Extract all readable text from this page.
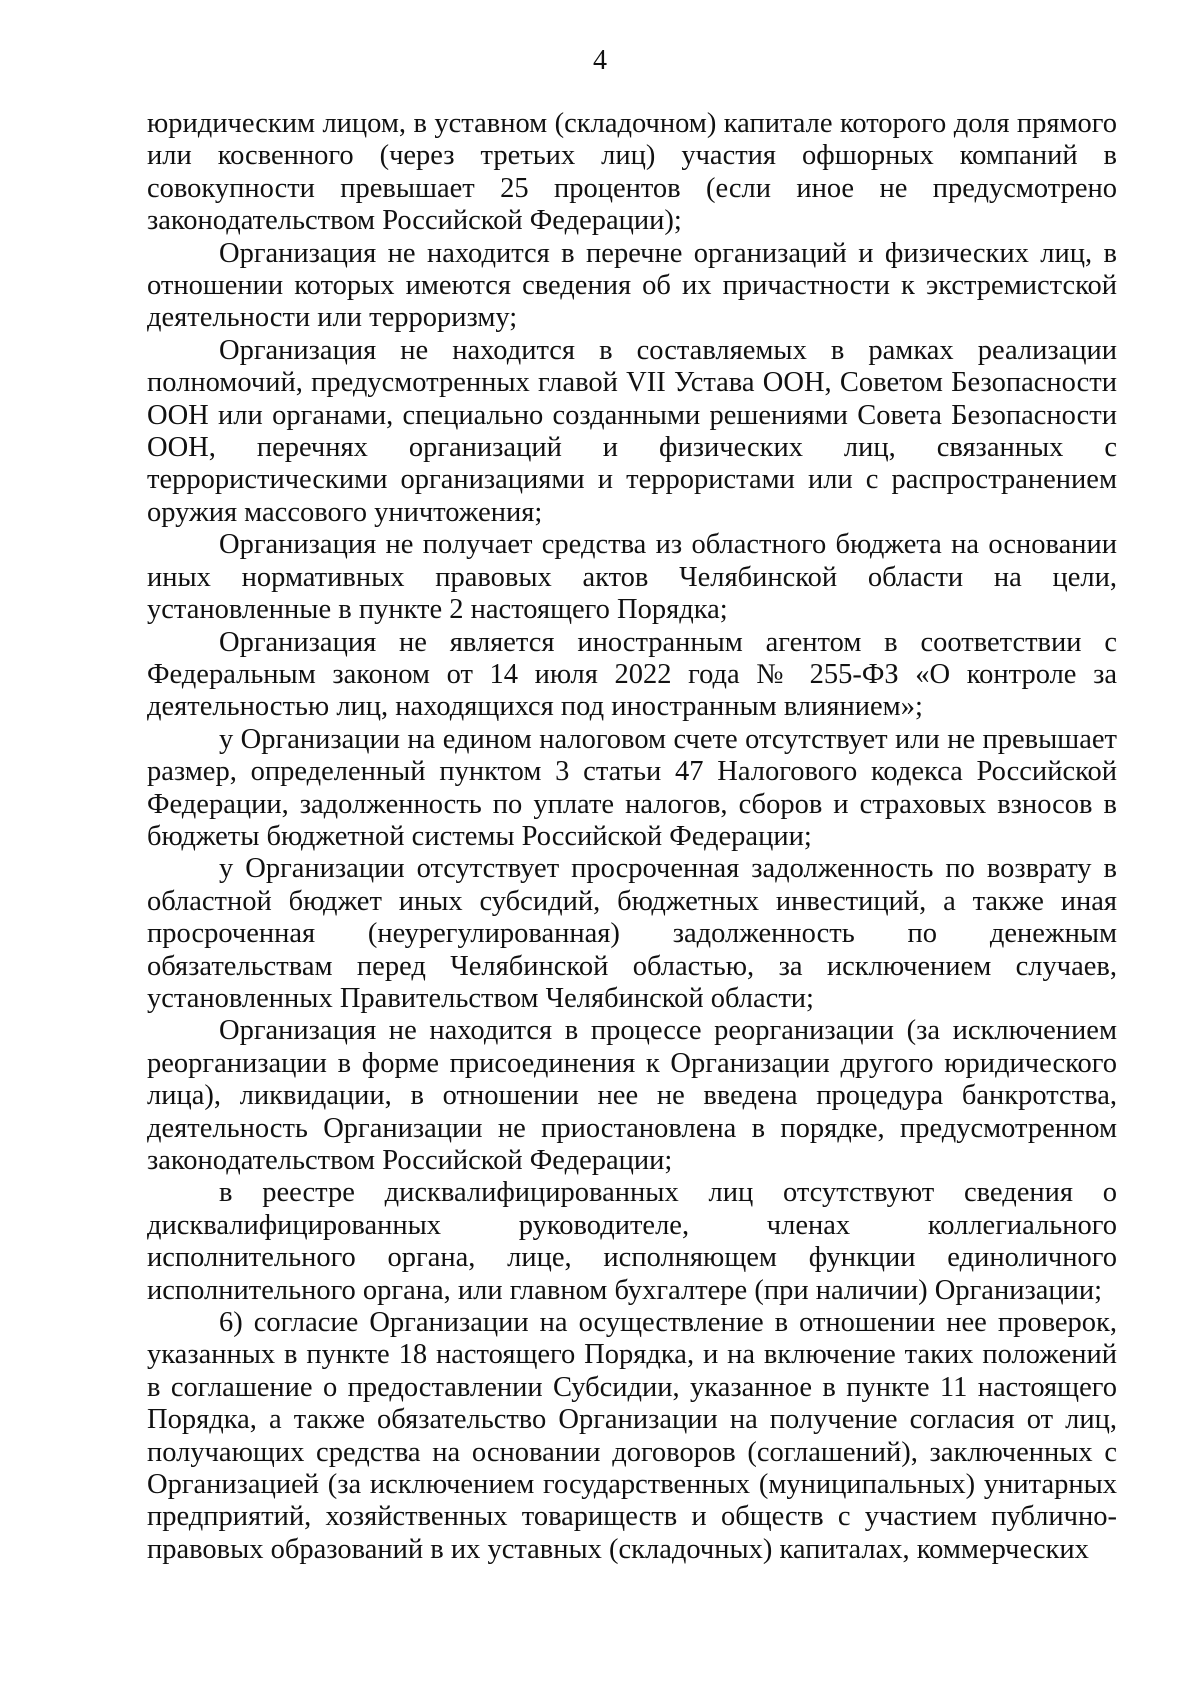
4

юридическим лицом, в уставном (складочном) капитале которого доля прямого или косвенного (через третьих лиц) участия офшорных компаний в совокупности превышает 25 процентов (если иное не предусмотрено законодательством Российской Федерации);

Организация не находится в перечне организаций и физических лиц, в отношении которых имеются сведения об их причастности к экстремистской деятельности или терроризму;

Организация не находится в составляемых в рамках реализации полномочий, предусмотренных главой VII Устава ООН, Советом Безопасности ООН или органами, специально созданными решениями Совета Безопасности ООН, перечнях организаций и физических лиц, связанных с террористическими организациями и террористами или с распространением оружия массового уничтожения;

Организация не получает средства из областного бюджета на основании иных нормативных правовых актов Челябинской области на цели, установленные в пункте 2 настоящего Порядка;

Организация не является иностранным агентом в соответствии с Федеральным законом от 14 июля 2022 года № 255-ФЗ «О контроле за деятельностью лиц, находящихся под иностранным влиянием»;

у Организации на едином налоговом счете отсутствует или не превышает размер, определенный пунктом 3 статьи 47 Налогового кодекса Российской Федерации, задолженность по уплате налогов, сборов и страховых взносов в бюджеты бюджетной системы Российской Федерации;

у Организации отсутствует просроченная задолженность по возврату в областной бюджет иных субсидий, бюджетных инвестиций, а также иная просроченная (неурегулированная) задолженность по денежным обязательствам перед Челябинской областью, за исключением случаев, установленных Правительством Челябинской области;

Организация не находится в процессе реорганизации (за исключением реорганизации в форме присоединения к Организации другого юридического лица), ликвидации, в отношении нее не введена процедура банкротства, деятельность Организации не приостановлена в порядке, предусмотренном законодательством Российской Федерации;

в реестре дисквалифицированных лиц отсутствуют сведения о дисквалифицированных руководителе, членах коллегиального исполнительного органа, лице, исполняющем функции единоличного исполнительного органа, или главном бухгалтере (при наличии) Организации;

6) согласие Организации на осуществление в отношении нее проверок, указанных в пункте 18 настоящего Порядка, и на включение таких положений в соглашение о предоставлении Субсидии, указанное в пункте 11 настоящего Порядка, а также обязательство Организации на получение согласия от лиц, получающих средства на основании договоров (соглашений), заключенных с Организацией (за исключением государственных (муниципальных) унитарных предприятий, хозяйственных товариществ и обществ с участием публично-правовых образований в их уставных (складочных) капиталах, коммерческих
